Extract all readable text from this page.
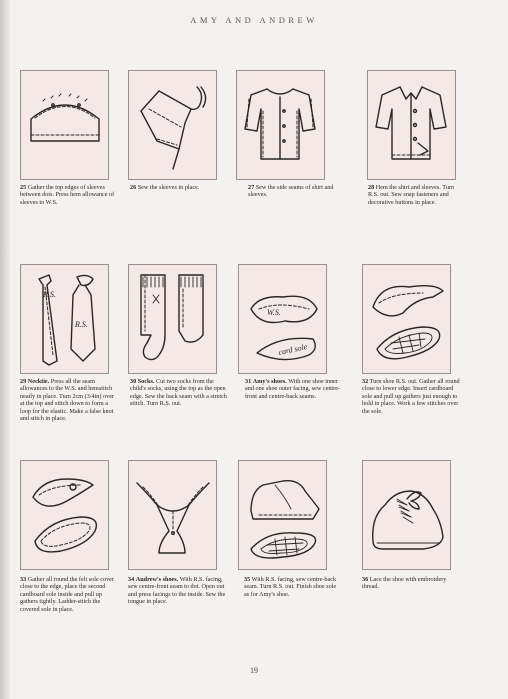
AMY AND ANDREW
25 Gather the top edges of sleeves between dots. Press hem allowance of sleeves to W.S.
26 Sew the sleeves in place.	27 Sew the side seams of shirt and sleeves.
28 Hem the shirt and sleeves. Turn R.S. out. Sew snap fasteners and decorative buttons in place.
R.S.
R.S.
29 Necktie. Press all the seam allowances to the W.S. and hemstitch neatly in place. Turn 2cm (3/4in) over at the top and stitch down to form a loop for the elastic. Make a false knot and stitch in place.
30 Socks. Cut two socks from the child's socks, using the top as the open edge. Sew the back seam with a stretch stitch. Turn R.S. out.
W.S.
card sole
31 Amy's shoes. With one shoe inner and one shoe outer facing, sew centre-front and centre-back seams.
32 Turn shoe R.S. out. Gather all round close to lower edge. Insert cardboard sole and pull up gathers just enough to hold in place. Work a few stitches over the sole.
33 Gather all round the felt sole cover close to the edge, place the second cardboard sole inside and pull up gathers tightly. Ladder-stitch the covered sole in place.
34 Andrew's shoes. With R.S. facing, sew centre-front seam to dot. Open out and press facings to the inside. Sew the tongue in place.
35 With R.S. facing, sew centre-back seam. Turn R.S. out. Finish shoe sole as for Amy's shoe.
36 Lace the shoe with embroidery thread.
19
